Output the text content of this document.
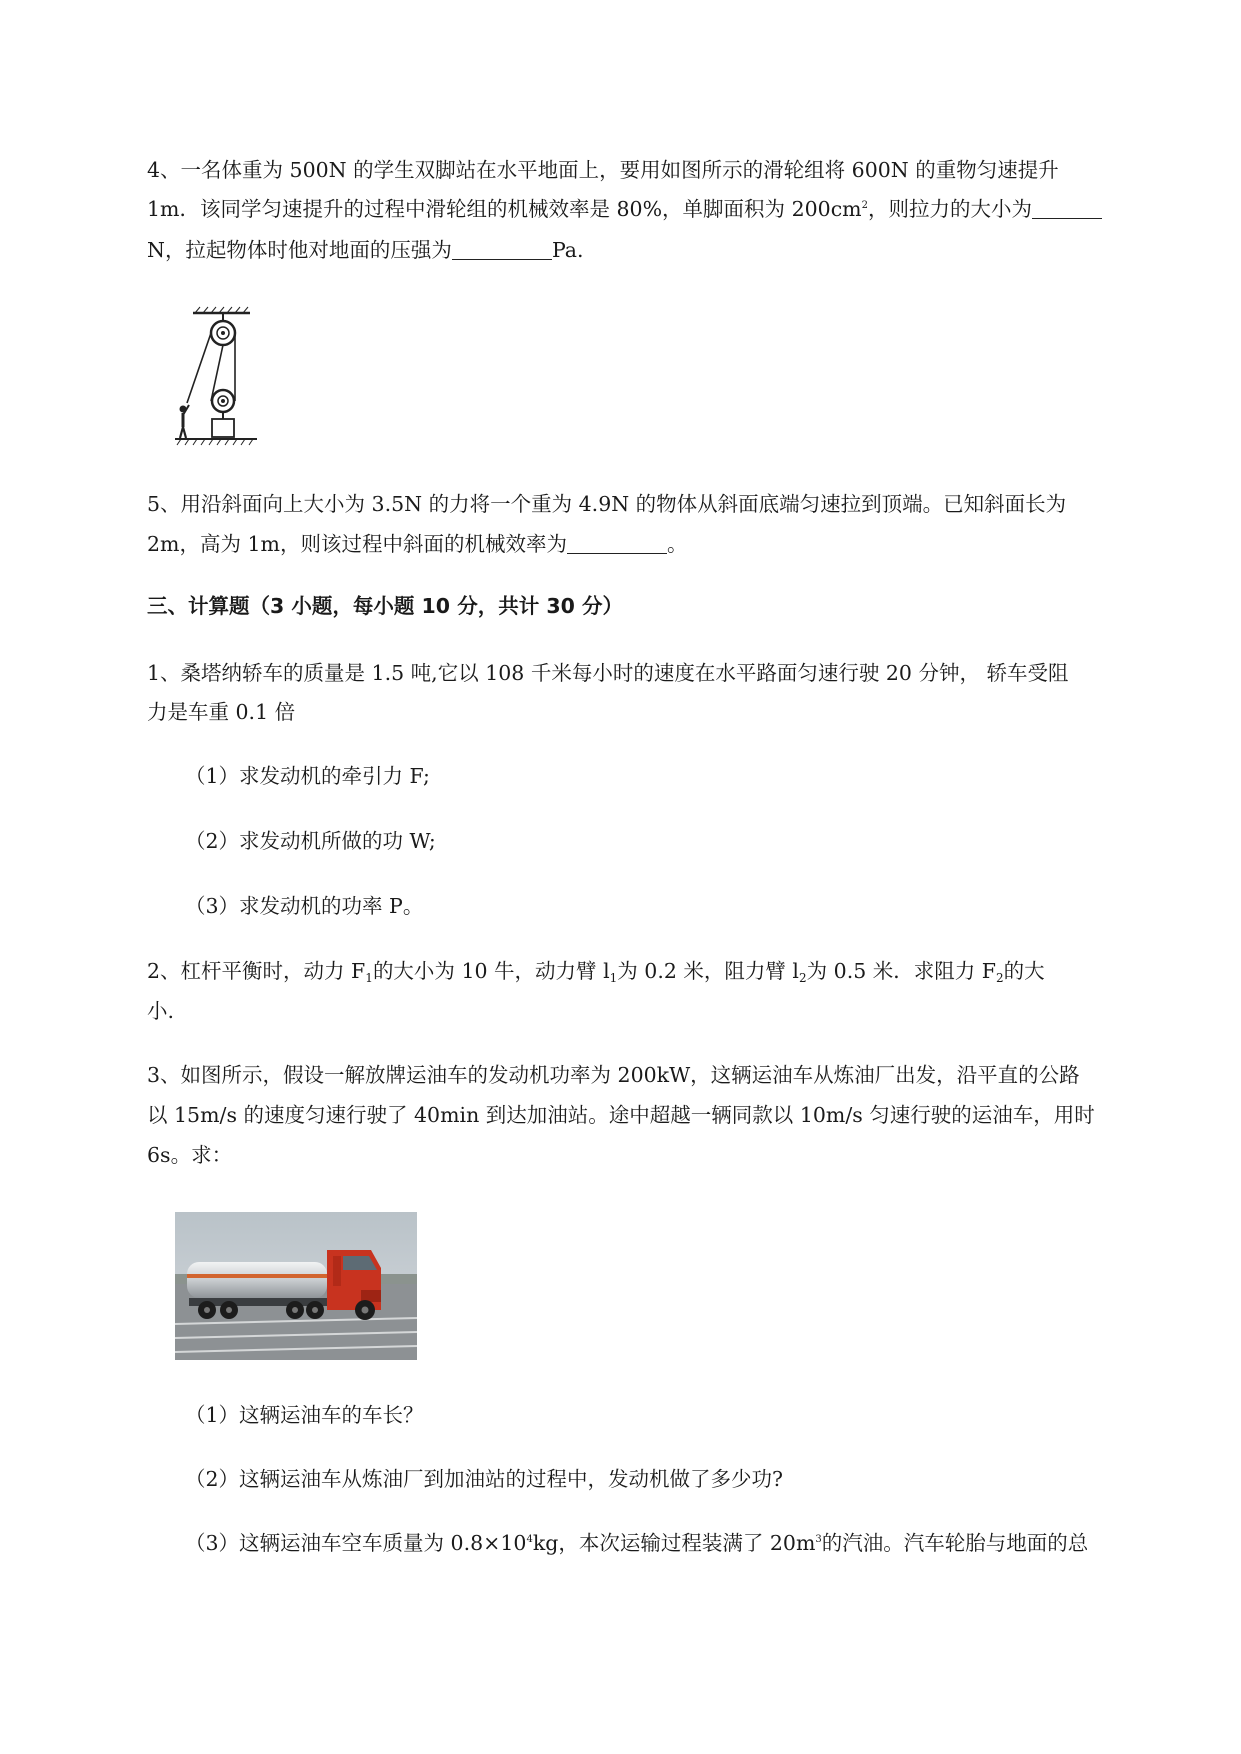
4、一名体重为 500N 的学生双脚站在水平地面上，要用如图所示的滑轮组将 600N 的重物匀速提升
1m．该同学匀速提升的过程中滑轮组的机械效率是 80%，单脚面积为 $200cm^2$，则拉力的大小为
N，拉起物体时他对地面的压强为	Pa.
5、用沿斜面向上大小为 3.5N 的力将一个重为 4.9N 的物体从斜面底端匀速拉到顶端。已知斜面长为
2m，高为 1m，则该过程中斜面的机械效率为	。
三、计算题（3 小题，每小题 10 分，共计 30 分）
1、桑塔纳轿车的质量是 1.5 吨,它以 108 千米每小时的速度在水平路面匀速行驶 20 分钟， 轿车受阻
力是车重 0.1 倍
（1）求发动机的牵引力 F;
（2）求发动机所做的功 W;
（3）求发动机的功率 P。
2、杠杆平衡时，动力 $F_1$的大小为 10 牛，动力臂 $l_1$为 0.2 米，阻力臂 $l_2$为 0.5 米．求阻力 $F_2$的大
小.
3、如图所示，假设一解放牌运油车的发动机功率为 200kW，这辆运油车从炼油厂出发，沿平直的公路
以 15m/s 的速度匀速行驶了 40min 到达加油站。途中超越一辆同款以 10m/s 匀速行驶的运油车，用时
6s。求：
（1）这辆运油车的车长？
（2）这辆运油车从炼油厂到加油站的过程中，发动机做了多少功?
（3）这辆运油车空车质量为 $0.8\times 10^4kg$，本次运输过程装满了 $20m^3$的汽油。汽车轮胎与地面的总
